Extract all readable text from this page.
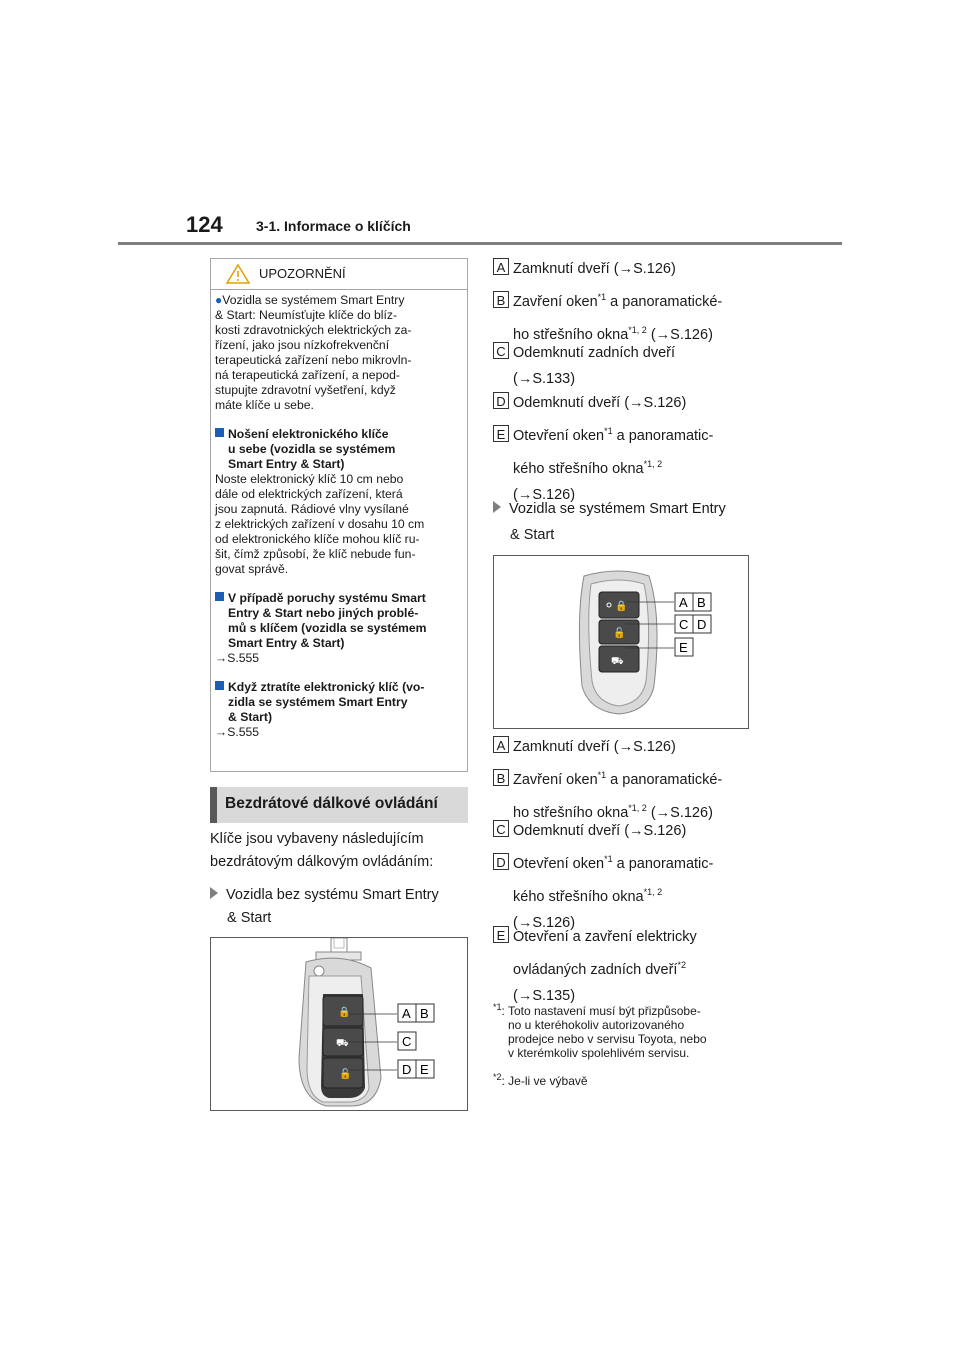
124 3-1. Informace o klíčích
UPOZORNĚNÍ

●Vozidla se systémem Smart Entry
& Start: Neumísťujte klíče do blíz-
kosti zdravotnických elektrických za-
řízení, jako jsou nízkofrekvenční
terapeutická zařízení nebo mikrovln-
ná terapeutická zařízení, a nepod-
stupujte zdravotní vyšetření, když
máte klíče u sebe.

Nošení elektronického klíče
u sebe (vozidla se systémem
Smart Entry & Start)
Noste elektronický klíč 10 cm nebo
dále od elektrických zařízení, která
jsou zapnutá. Rádiové vlny vysílané
z elektrických zařízení v dosahu 10 cm
od elektronického klíče mohou klíč ru-
šit, čímž způsobí, že klíč nebude fun-
govat správě.

V případě poruchy systému Smart
Entry & Start nebo jiných problé-
mů s klíčem (vozidla se systémem
Smart Entry & Start)
→S.555

Když ztratíte elektronický klíč (vo-
zidla se systémem Smart Entry
& Start)
→S.555

Bezdrátové dálkové ovládání
Klíče jsou vybaveny následujícím
bezdrátovým dálkovým ovládáním:
Vozidla bez systému Smart Entry
& Start
🔒
⛟
🔓
A B
C
D E
A Zamknutí dveří (→S.126)
B Zavření oken$^{*1}$ a panoramatické-
ho střešního okna$^{*1, 2}$ (→S.126)
C Odemknutí zadních dveří
(→S.133)
D Odemknutí dveří (→S.126)
E Otevření oken$^{*1}$ a panoramatic-
kého střešního okna$^{*1, 2}$
(→S.126)
Vozidla se systémem Smart Entry
& Start
🔒
🔓
⛟
A B
C D
E
A Zamknutí dveří (→S.126)
B Zavření oken$^{*1}$ a panoramatické-
ho střešního okna$^{*1, 2}$ (→S.126)
C Odemknutí dveří (→S.126)
D Otevření oken$^{*1}$ a panoramatic-
kého střešního okna$^{*1, 2}$
(→S.126)
E Otevření a zavření elektricky
ovládaných zadních dveří$^{*2}$
(→S.135)
$^{*1}$: Toto nastavení musí být přizpůsobe-
no u kteréhokoliv autorizovaného
prodejce nebo v servisu Toyota, nebo
v kterémkoliv spolehlivém servisu.
$^{*2}$: Je-li ve výbavě
